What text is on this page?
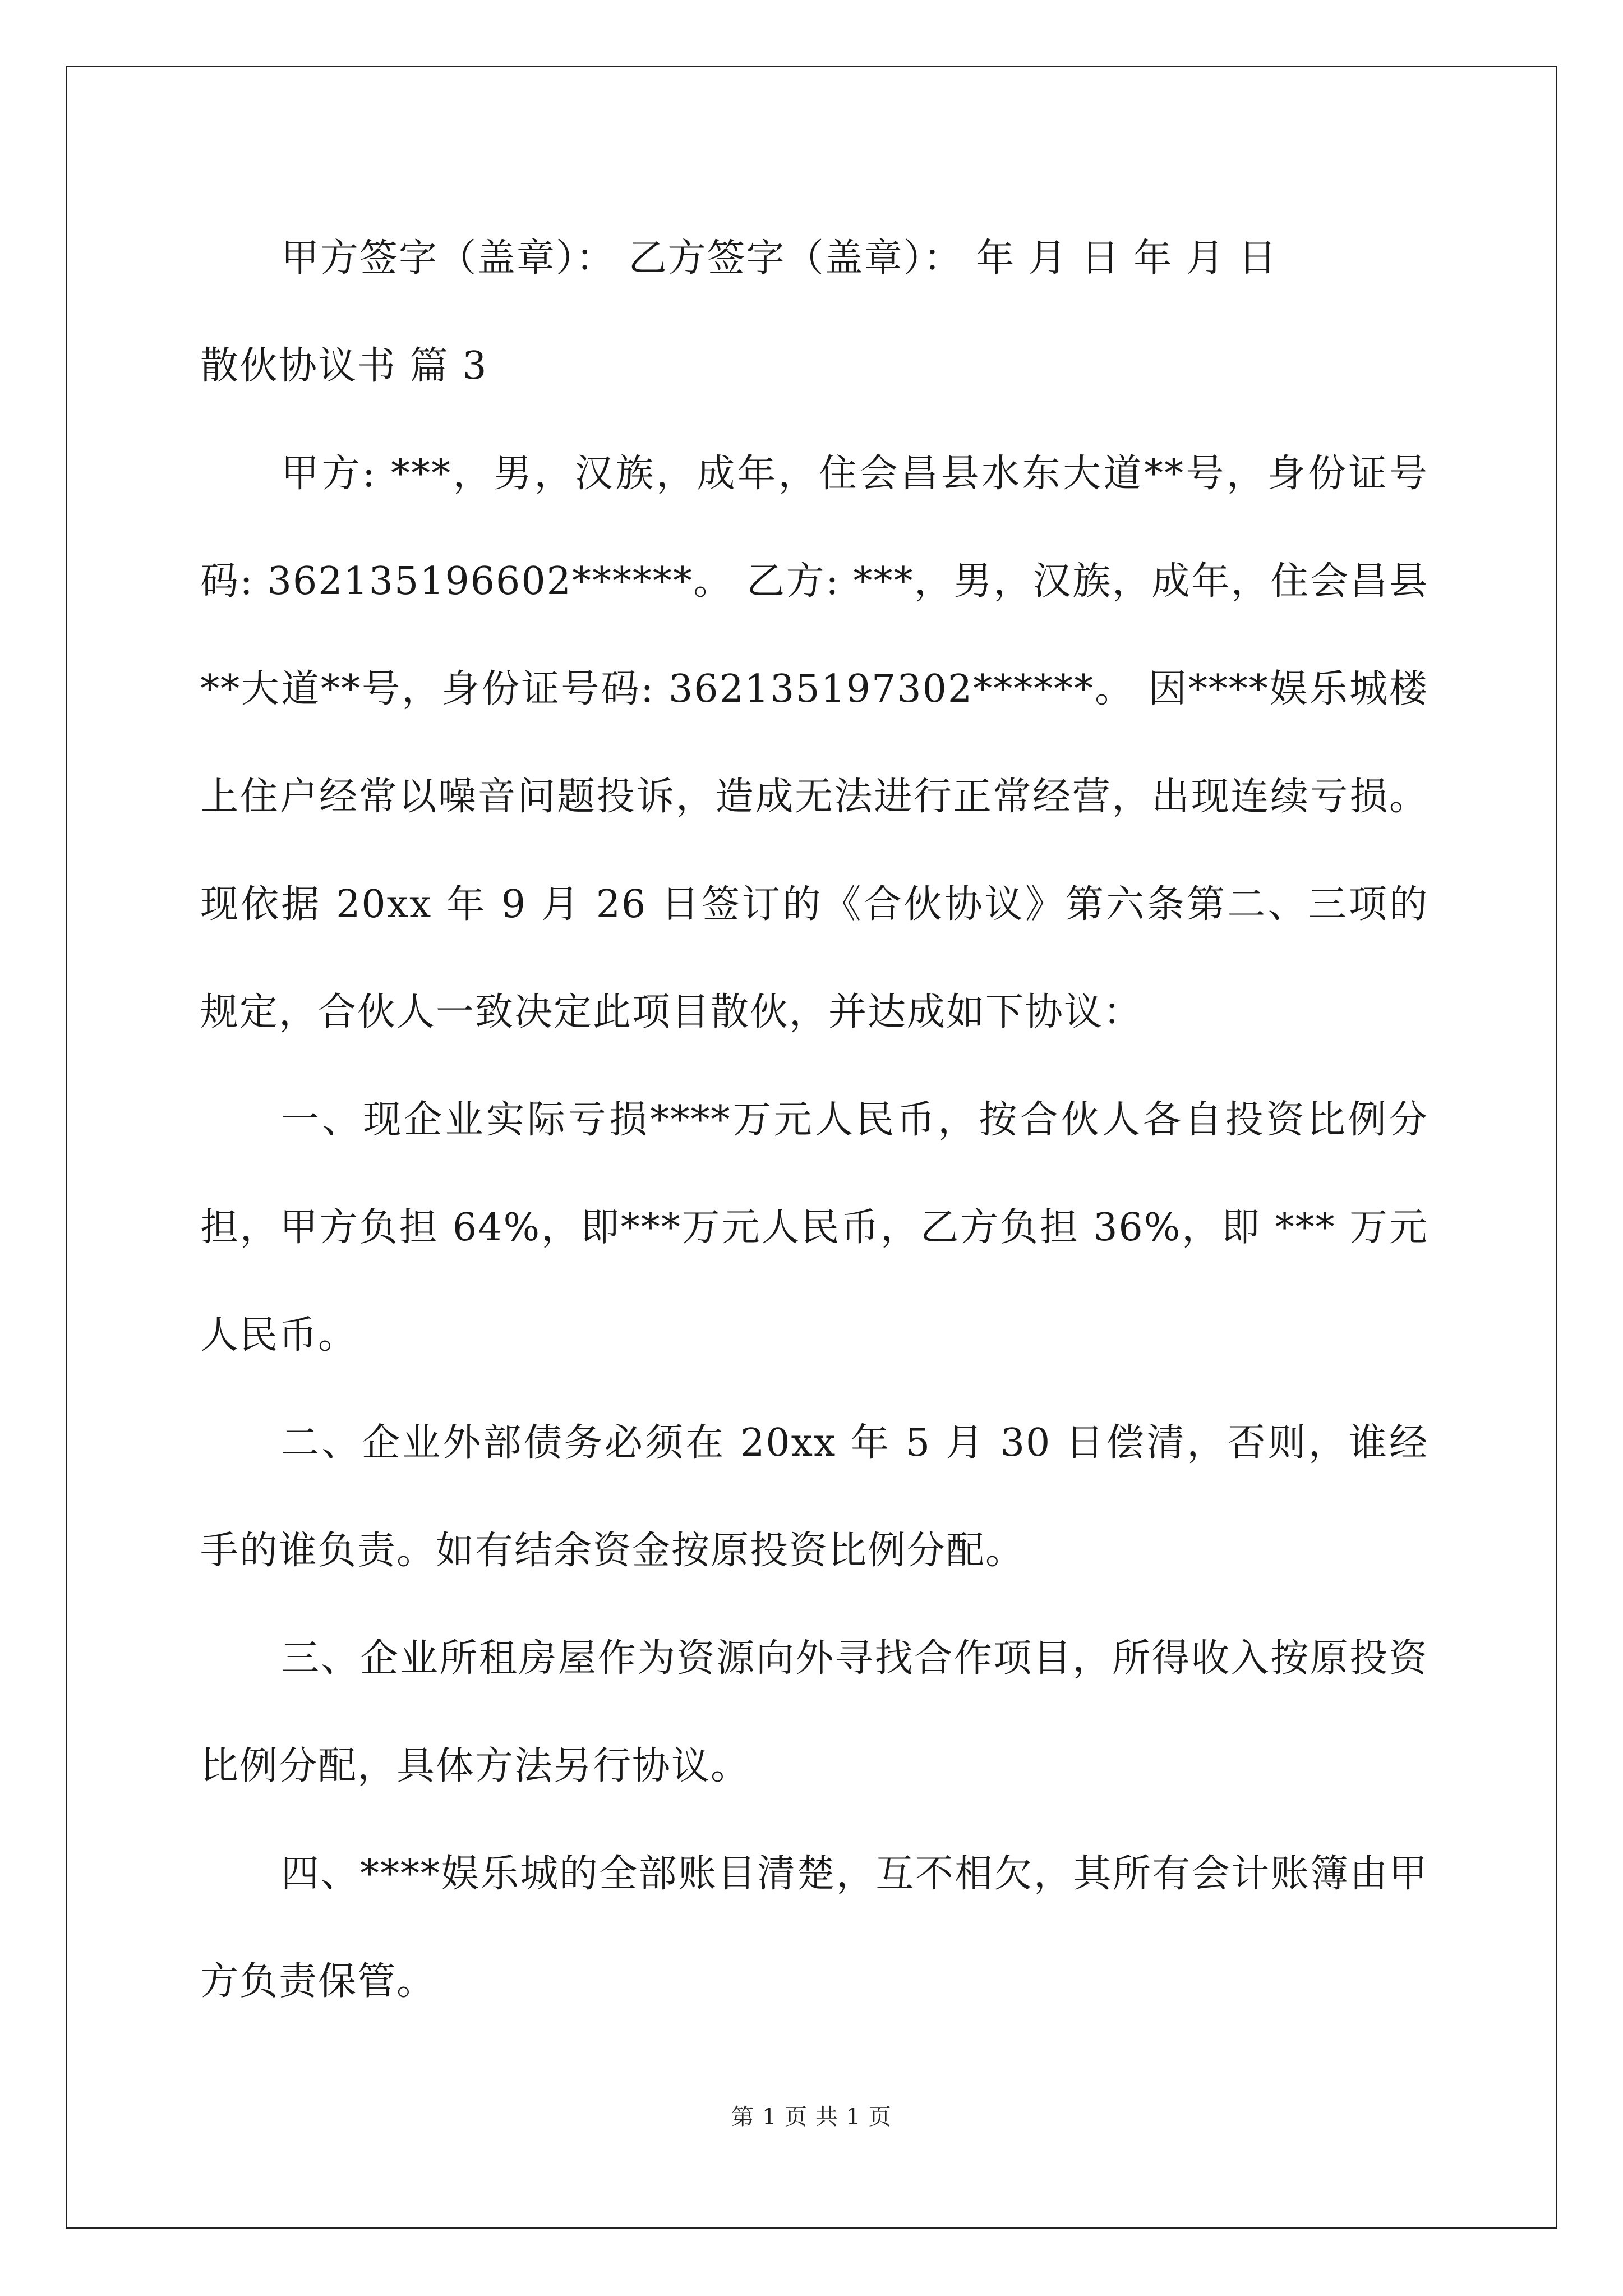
甲方签字（盖章）： 乙方签字（盖章）： 年 月 日 年 月 日

散伙协议书 篇 3

甲方: ***，男，汉族，成年，住会昌县水东大道**号，身份证号码: 362135196602******。 乙方: ***，男，汉族，成年，住会昌县**大道**号，身份证号码: 362135197302******。 因****娱乐城楼上住户经常以噪音问题投诉，造成无法进行正常经营，出现连续亏损。现依据 20xx 年 9 月 26 日签订的《合伙协议》第六条第二、三项的规定，合伙人一致决定此项目散伙，并达成如下协议：

一、现企业实际亏损****万元人民币，按合伙人各自投资比例分担，甲方负担 64%，即***万元人民币，乙方负担 36%，即 *** 万元人民币。

二、企业外部债务必须在 20xx 年 5 月 30 日偿清，否则，谁经手的谁负责。如有结余资金按原投资比例分配。

三、企业所租房屋作为资源向外寻找合作项目，所得收入按原投资比例分配，具体方法另行协议。

四、****娱乐城的全部账目清楚，互不相欠，其所有会计账簿由甲方负责保管。

第 1 页 共 1 页
